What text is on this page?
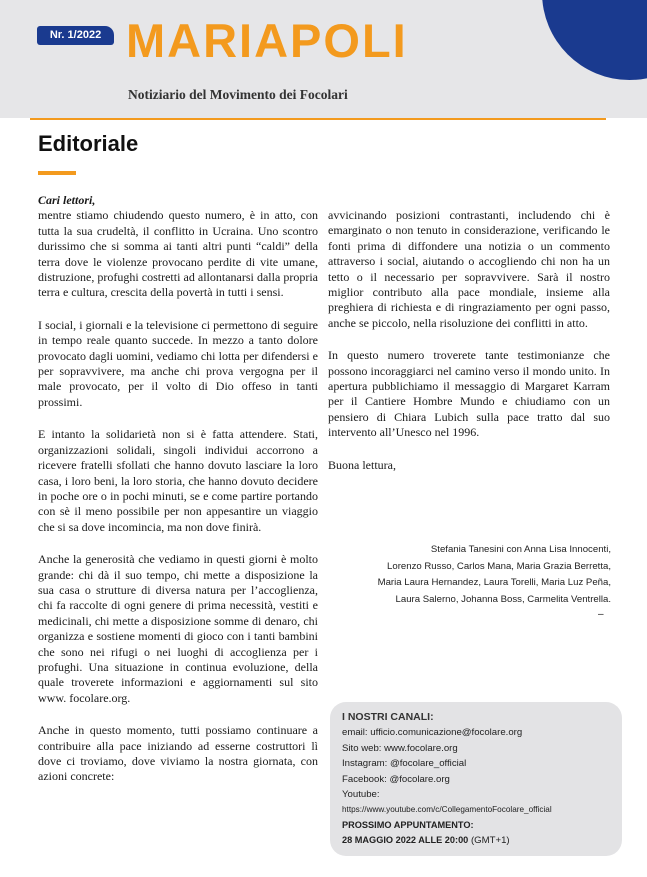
Nr. 1/2022 MARIAPOLI
Notiziario del Movimento dei Focolari
Editoriale

Cari lettori,

mentre stiamo chiudendo questo numero, è in atto, con tutta la sua crudeltà, il conflitto in Ucraina. Uno scontro durissimo che si somma ai tanti altri punti “caldi” della terra dove le violenze provocano perdite di vite umane, distruzione, profughi costretti ad allontanarsi dalla propria terra e cultura, crescita della povertà in tutti i sensi.

I social, i giornali e la televisione ci permettono di seguire in tempo reale quanto succede. In mezzo a tanto dolore provocato dagli uomini, vediamo chi lotta per difendersi e per sopravvivere, ma anche chi prova vergogna per il male provocato, per il volto di Dio offeso in tanti prossimi.

E intanto la solidarietà non si è fatta attendere. Stati, organizzazioni solidali, singoli individui accorrono a ricevere fratelli sfollati che hanno dovuto lasciare la loro casa, i loro beni, la loro storia, che hanno dovuto decidere in poche ore o in pochi minuti, se e come partire portando con sè il meno possibile per non appesantire un viaggio che si sa dove incomincia, ma non dove finirà.

Anche la generosità che vediamo in questi giorni è molto grande: chi dà il suo tempo, chi mette a disposizione la sua casa o strutture di diversa natura per l’accoglienza, chi fa raccolte di ogni genere di prima necessità, vestiti e medicinali, chi mette a disposizione somme di denaro, chi organizza e sostiene momenti di gioco con i tanti bambini che sono nei rifugi o nei luoghi di accoglienza per i profughi. Una situazione in continua evoluzione, della quale troverete informazioni e aggiornamenti sul sito www. focolare.org.

Anche in questo momento, tutti possiamo continuare a contribuire alla pace iniziando ad esserne costruttori lì dove ci troviamo, dove viviamo la nostra giornata, con azioni concrete:

avvicinando posizioni contrastanti, includendo chi è emarginato o non tenuto in considerazione, verificando le fonti prima di diffondere una notizia o un commento attraverso i social, aiutando o accogliendo chi non ha un tetto o il necessario per sopravvivere. Sarà il nostro miglior contributo alla pace mondiale, insieme alla preghiera di richiesta e di ringraziamento per ogni passo, anche se piccolo, nella risoluzione dei conflitti in atto.

In questo numero troverete tante testimonianze che possono incoraggiarci nel camino verso il mondo unito. In apertura pubblichiamo il messaggio di Margaret Karram per il Cantiere Hombre Mundo e chiudiamo con un pensiero di Chiara Lubich sulla pace tratto dal suo intervento all’Unesco nel 1996.

Buona lettura,

Stefania Tanesini con Anna Lisa Innocenti,
Lorenzo Russo, Carlos Mana, Maria Grazia Berretta,
Maria Laura Hernandez, Laura Torelli, Maria Luz Peña,
Laura Salerno, Johanna Boss, Carmelita Ventrella.
–
I NOSTRI CANALI:
email: ufficio.comunicazione@focolare.org
Sito web: www.focolare.org
Instagram: @focolare_official
Facebook: @focolare.org
Youtube:
https://www.youtube.com/c/CollegamentoFocolare_official
PROSSIMO APPUNTAMENTO:
28 MAGGIO 2022 ALLE 20:00 (GMT+1)
